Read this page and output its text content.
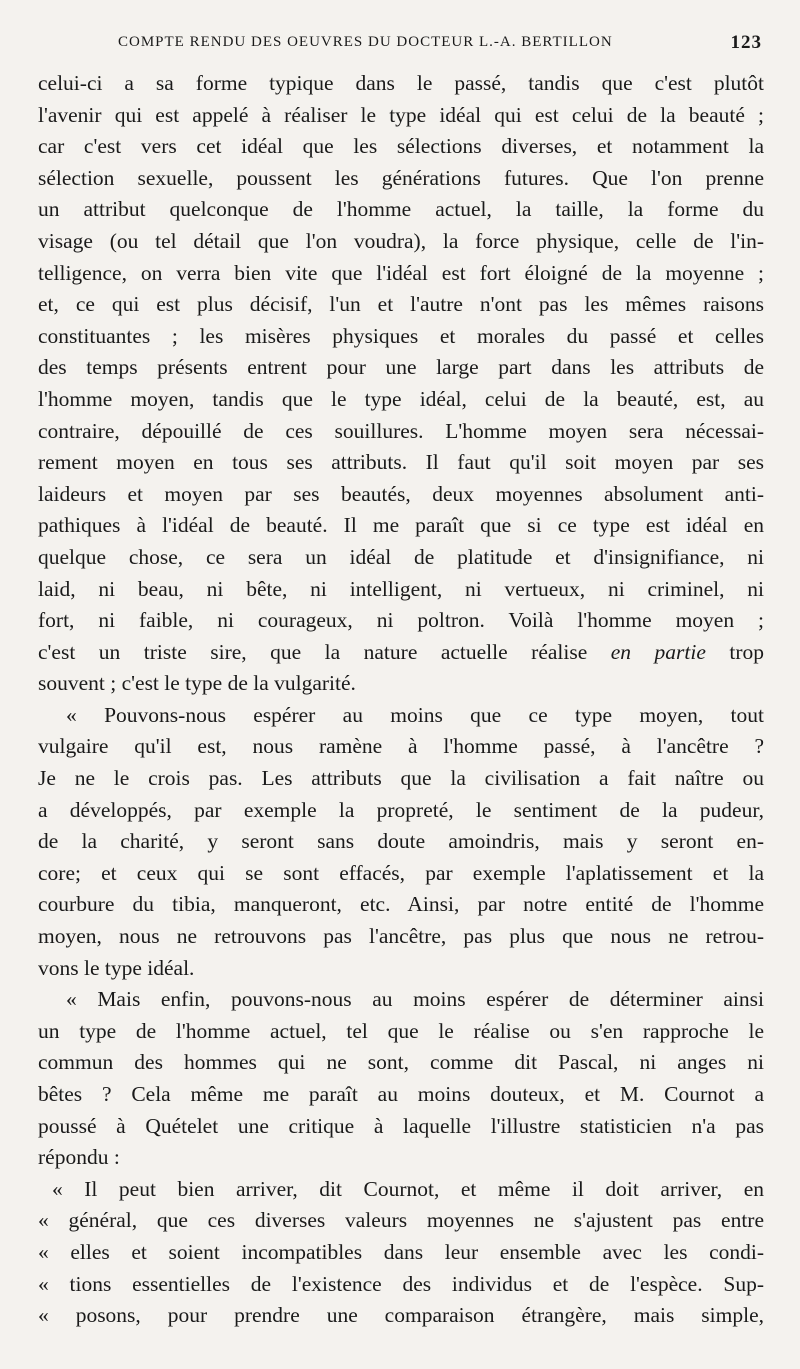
COMPTE RENDU DES OEUVRES DU DOCTEUR L.-A. BERTILLON	123
celui-ci a sa forme typique dans le passé, tandis que c'est plutôt
l'avenir qui est appelé à réaliser le type idéal qui est celui de la beauté ;
car c'est vers cet idéal que les sélections diverses, et notamment la
sélection sexuelle, poussent les générations futures. Que l'on prenne
un attribut quelconque de l'homme actuel, la taille, la forme du
visage (ou tel détail que l'on voudra), la force physique, celle de l'in-
telligence, on verra bien vite que l'idéal est fort éloigné de la moyenne ;
et, ce qui est plus décisif, l'un et l'autre n'ont pas les mêmes raisons
constituantes ; les misères physiques et morales du passé et celles
des temps présents entrent pour une large part dans les attributs de
l'homme moyen, tandis que le type idéal, celui de la beauté, est, au
contraire, dépouillé de ces souillures. L'homme moyen sera nécessai-
rement moyen en tous ses attributs. Il faut qu'il soit moyen par ses
laideurs et moyen par ses beautés, deux moyennes absolument anti-
pathiques à l'idéal de beauté. Il me paraît que si ce type est idéal en
quelque chose, ce sera un idéal de platitude et d'insignifiance, ni
laid, ni beau, ni bête, ni intelligent, ni vertueux, ni criminel, ni
fort, ni faible, ni courageux, ni poltron. Voilà l'homme moyen ;
c'est un triste sire, que la nature actuelle réalise en partie trop
souvent ; c'est le type de la vulgarité.
« Pouvons-nous espérer au moins que ce type moyen, tout
vulgaire qu'il est, nous ramène à l'homme passé, à l'ancêtre ?
Je ne le crois pas. Les attributs que la civilisation a fait naître ou
a développés, par exemple la propreté, le sentiment de la pudeur,
de la charité, y seront sans doute amoindris, mais y seront en-
core; et ceux qui se sont effacés, par exemple l'aplatissement et la
courbure du tibia, manqueront, etc. Ainsi, par notre entité de l'homme
moyen, nous ne retrouvons pas l'ancêtre, pas plus que nous ne retrou-
vons le type idéal.
« Mais enfin, pouvons-nous au moins espérer de déterminer ainsi
un type de l'homme actuel, tel que le réalise ou s'en rapproche le
commun des hommes qui ne sont, comme dit Pascal, ni anges ni
bêtes ? Cela même me paraît au moins douteux, et M. Cournot a
poussé à Quételet une critique à laquelle l'illustre statisticien n'a pas
répondu :
« Il peut bien arriver, dit Cournot, et même il doit arriver, en
« général, que ces diverses valeurs moyennes ne s'ajustent pas entre
« elles et soient incompatibles dans leur ensemble avec les condi-
« tions essentielles de l'existence des individus et de l'espèce. Sup-
« posons, pour prendre une comparaison étrangère, mais simple,
